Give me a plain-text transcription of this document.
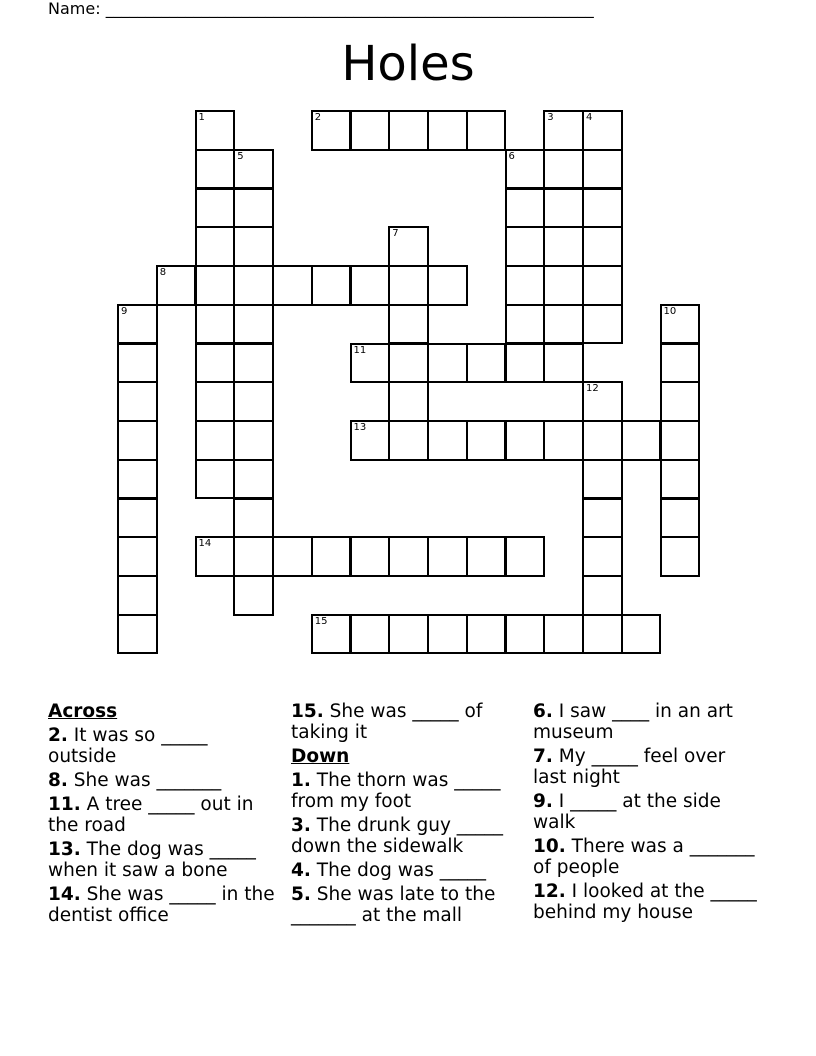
Name: _____________________________________________________________
Holes
1	2	3	4
5	6
7
8
9	10
11
12
13
14
15
Across
2. It was so _____ outside
8. She was _______
11. A tree _____ out in the road
13. The dog was _____ when it saw a bone
14. She was _____ in the dentist office
15. She was _____ of taking it
Down
1. The thorn was _____ from my foot
3. The drunk guy _____ down the sidewalk
4. The dog was _____
5. She was late to the _______ at the mall
6. I saw ____ in an art museum
7. My _____ feel over last night
9. I _____ at the side walk
10. There was a _______ of people
12. I looked at the _____ behind my house
